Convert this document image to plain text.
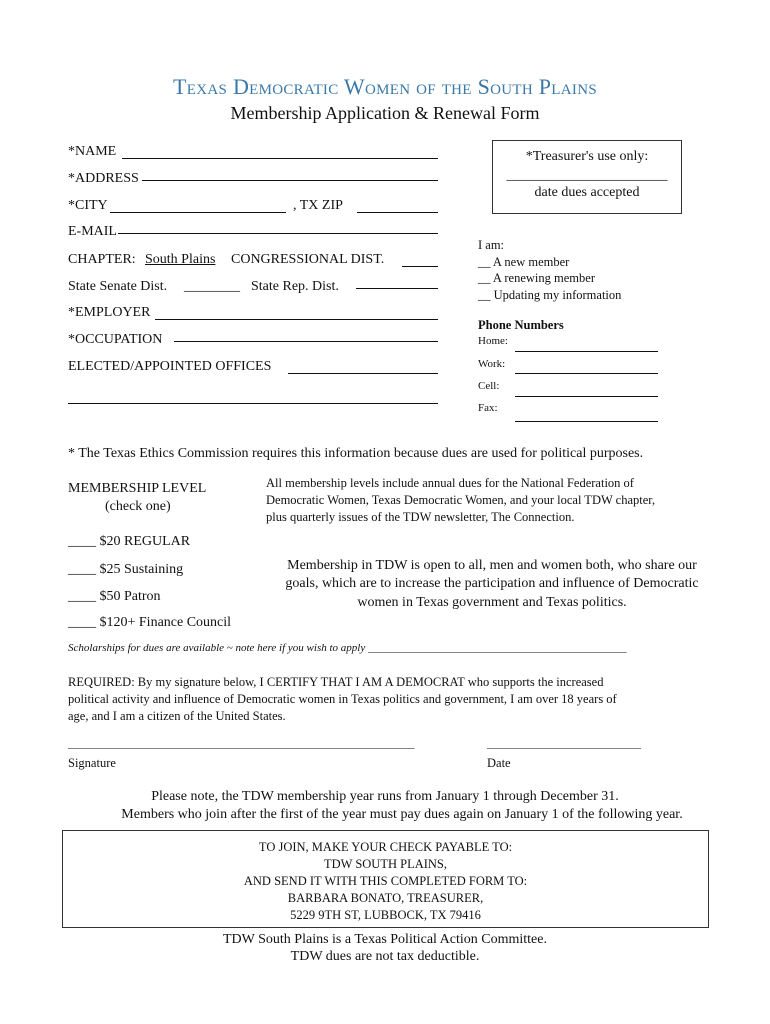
Texas Democratic Women of the South Plains
Membership Application & Renewal Form
*NAME
*ADDRESS
*CITY	, TX ZIP
E-MAIL
CHAPTER: South Plains CONGRESSIONAL DIST.
State Senate Dist. ________ State Rep. Dist.
*EMPLOYER
*OCCUPATION
ELECTED/APPOINTED OFFICES
*Treasurer's use only:
_______________________
date dues accepted
I am:
__ A new member
__ A renewing member
__ Updating my information
Phone Numbers
Home:
Work:
Cell:
Fax:
* The Texas Ethics Commission requires this information because dues are used for political purposes.
MEMBERSHIP LEVEL
(check one)
All membership levels include annual dues for the National Federation of
Democratic Women, Texas Democratic Women, and your local TDW chapter,
plus quarterly issues of the TDW newsletter, The Connection.
____ $20 REGULAR
____ $25 Sustaining
____ $50 Patron
____ $120+ Finance Council
Membership in TDW is open to all, men and women both, who share our
goals, which are to increase the participation and influence of Democratic
women in Texas government and Texas politics.
Scholarships for dues are available ~ note here if you wish to apply _______________________________________________
REQUIRED: By my signature below, I CERTIFY THAT I AM A DEMOCRAT who supports the increased
political activity and influence of Democratic women in Texas politics and government, I am over 18 years of
age, and I am a citizen of the United States.
_______________________________________________________________	____________________________
Signature	Date
Please note, the TDW membership year runs from January 1 through December 31.
Members who join after the first of the year must pay dues again on January 1 of the following year.
TO JOIN, MAKE YOUR CHECK PAYABLE TO:
TDW SOUTH PLAINS,
AND SEND IT WITH THIS COMPLETED FORM TO:
BARBARA BONATO, TREASURER,
5229 9TH ST, LUBBOCK, TX 79416
TDW South Plains is a Texas Political Action Committee.
TDW dues are not tax deductible.
